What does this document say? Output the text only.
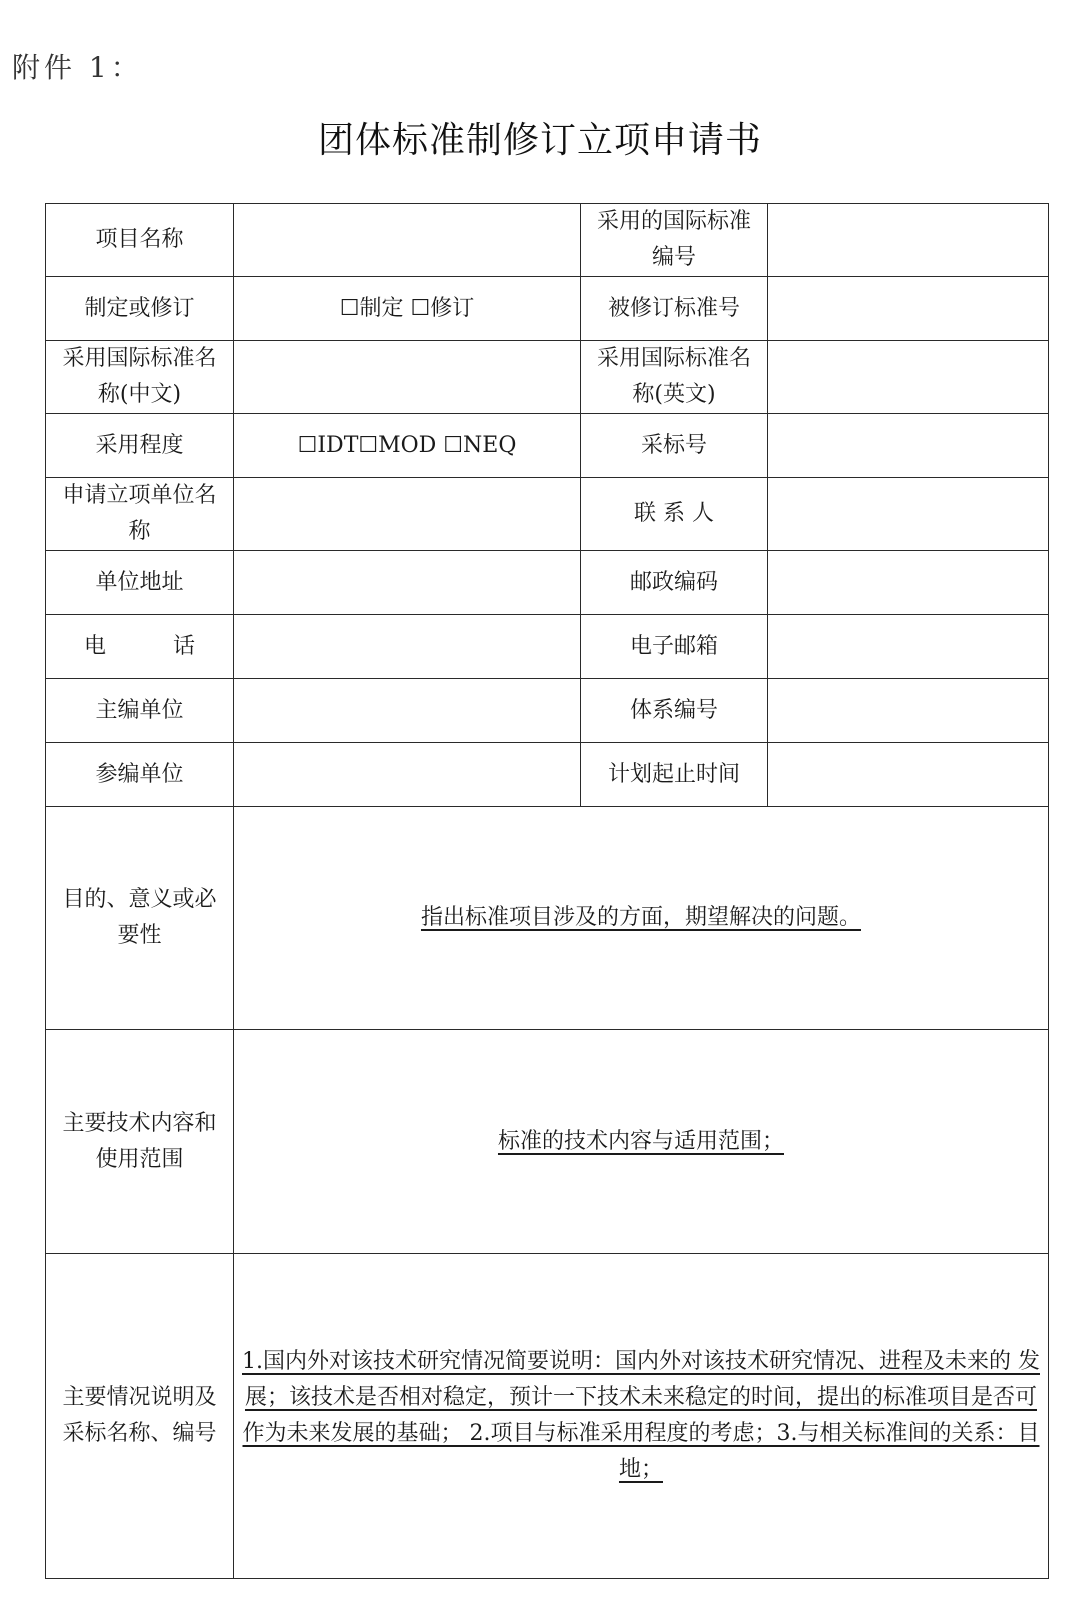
附件 1：
团体标准制修订立项申请书
项目名称		采用的国际标准编号	
制定或修订	☐制定 ☐修订	被修订标准号	
采用国际标准名称(中文)		采用国际标准名称(英文)	
采用程度	☐IDT☐MOD ☐NEQ	采标号	
申请立项单位名称		联 系 人	
单位地址		邮政编码	
电 话		电子邮箱	
主编单位		体系编号	
参编单位		计划起止时间	
目的、意义或必要性	指出标准项目涉及的方面，期望解决的问题。		
主要技术内容和使用范围	标准的技术内容与适用范围；		
主要情况说明及采标名称、编号	1.国内外对该技术研究情况简要说明：国内外对该技术研究情况、进程及未来的 发展；该技术是否相对稳定，预计一下技术未来稳定的时间，提出的标准项目是否可作为未来发展的基础； 2.项目与标准采用程度的考虑；3.与相关标准间的关系：目地；		
